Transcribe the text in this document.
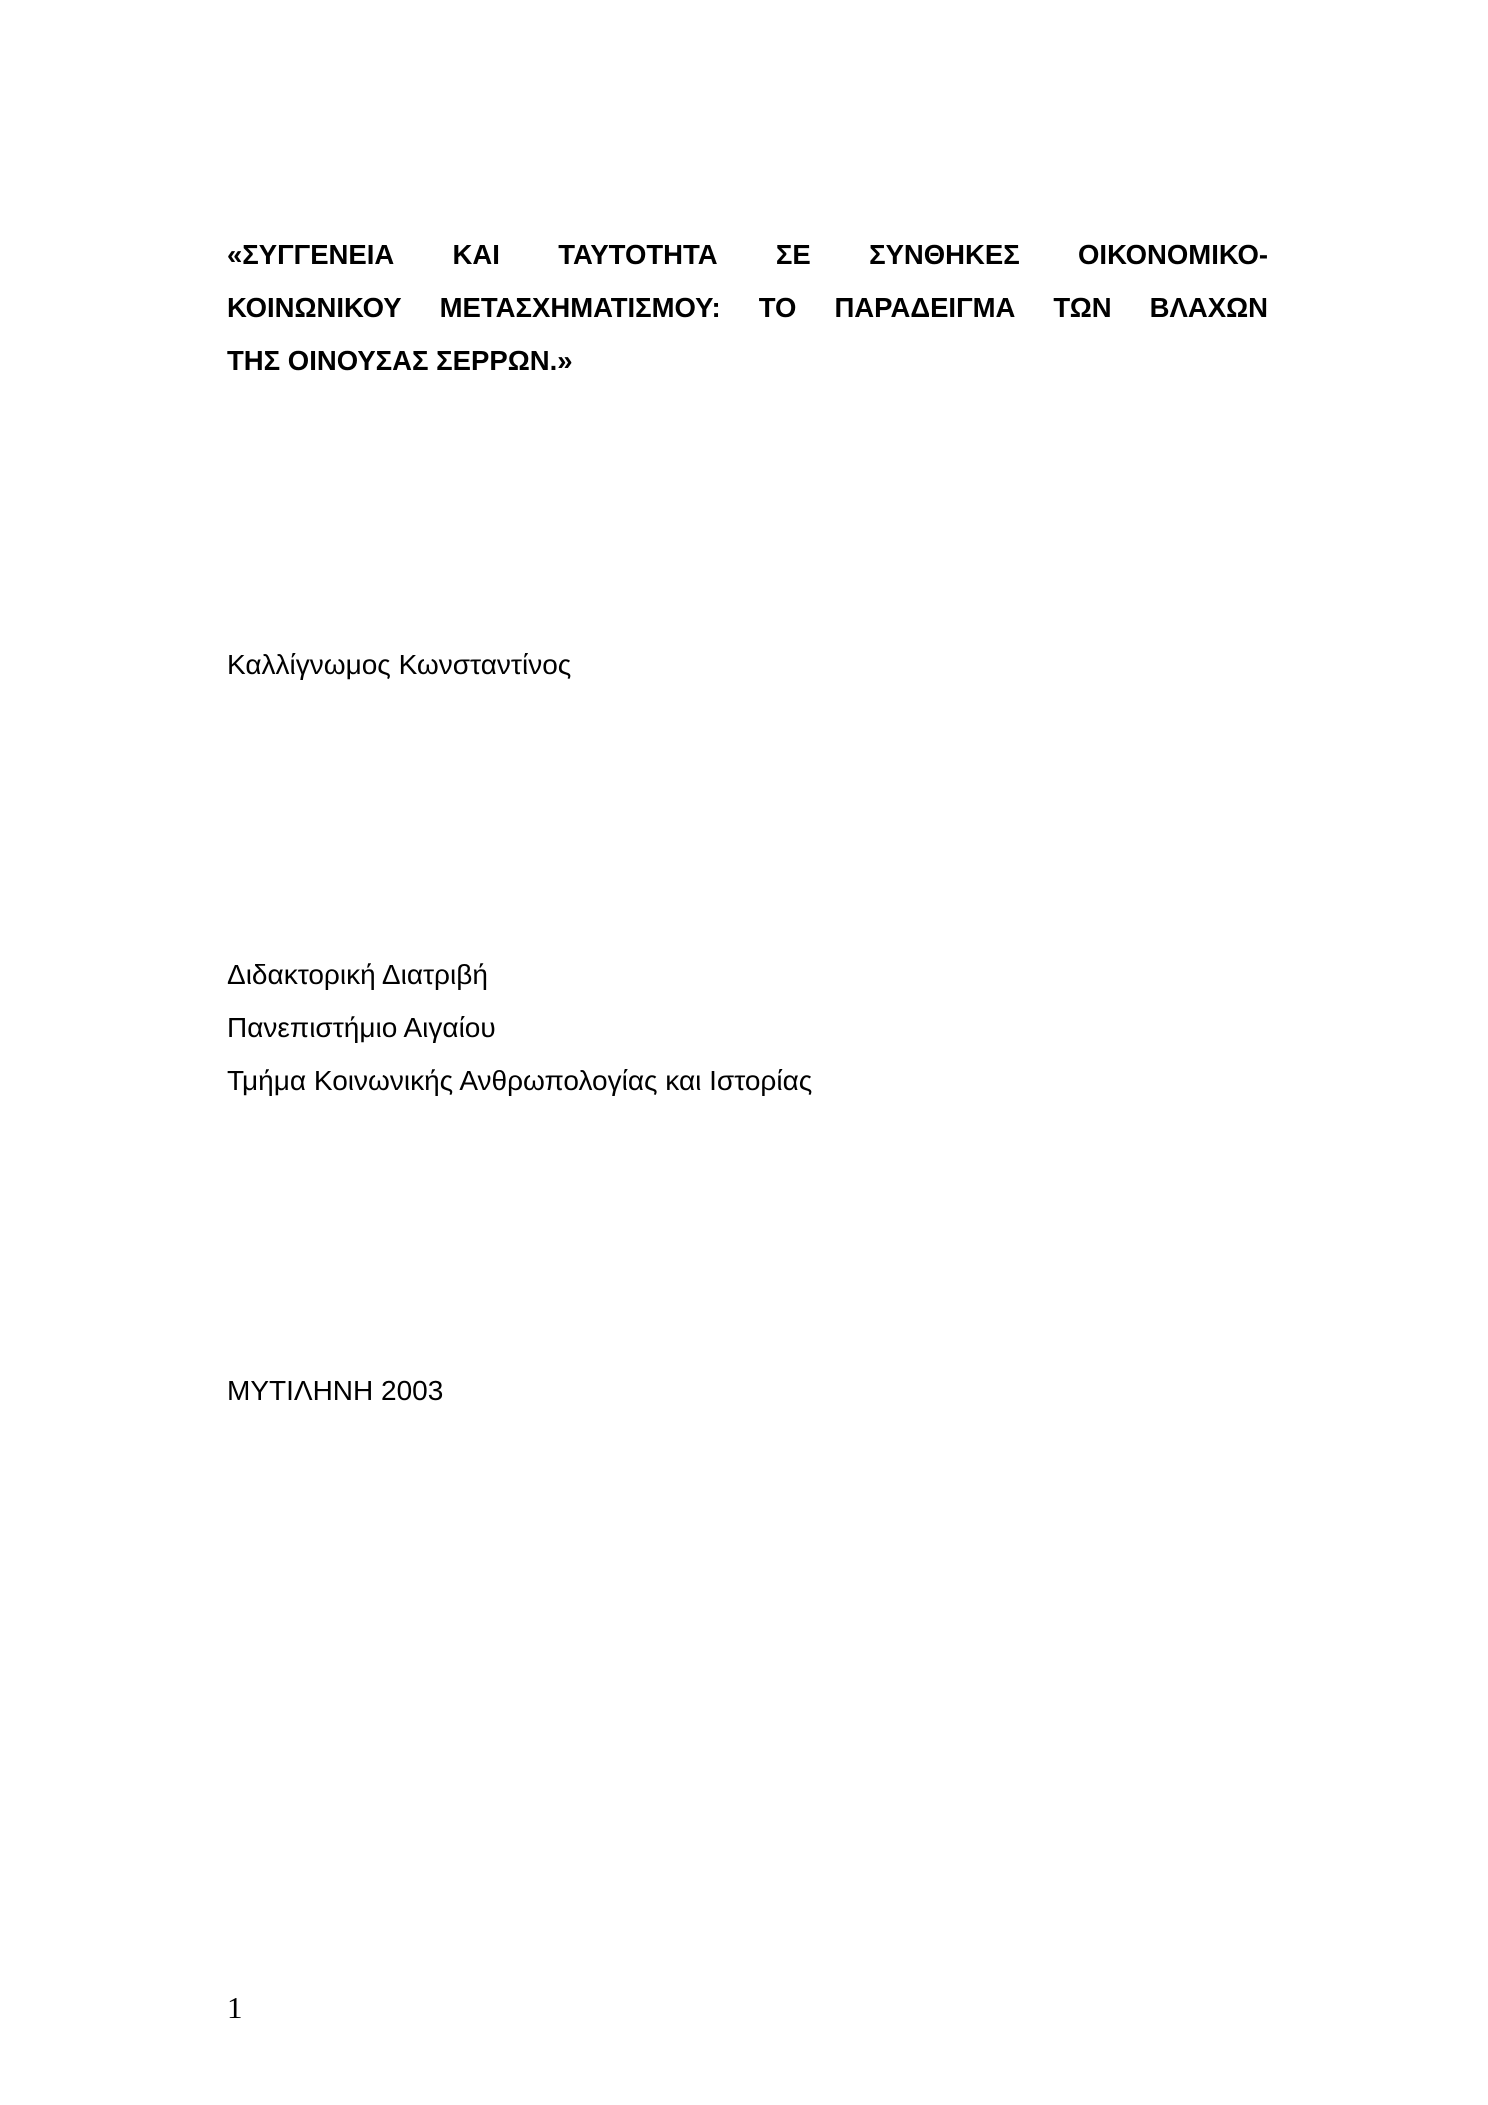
«ΣΥΓΓΕΝΕΙΑ ΚΑΙ ΤΑΥΤΟΤΗΤΑ ΣΕ ΣΥΝΘΗΚΕΣ ΟΙΚΟΝΟΜΙΚΟ-
ΚΟΙΝΩΝΙΚΟΥ ΜΕΤΑΣΧΗΜΑΤΙΣΜΟΥ: ΤΟ ΠΑΡΑΔΕΙΓΜΑ ΤΩΝ ΒΛΑΧΩΝ
ΤΗΣ ΟΙΝΟΥΣΑΣ ΣΕΡΡΩΝ.»
Καλλίγνωμος Κωνσταντίνος
Διδακτορική Διατριβή
Πανεπιστήμιο Αιγαίου
Τμήμα Κοινωνικής Ανθρωπολογίας και Ιστορίας
ΜΥΤΙΛΗΝΗ 2003
1
